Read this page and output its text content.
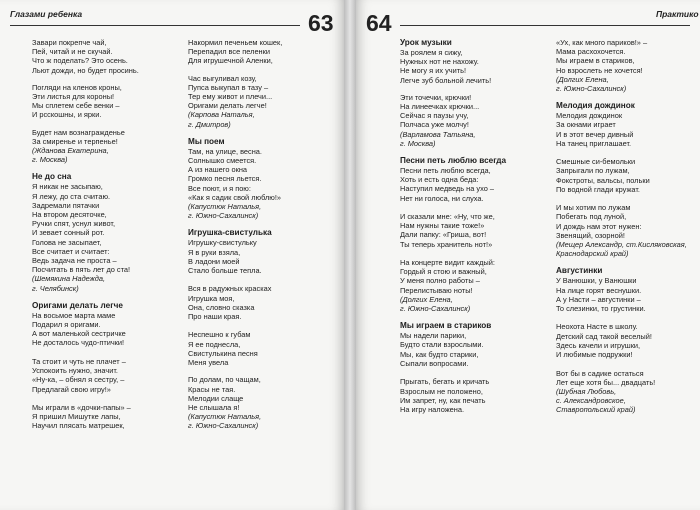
Глазами ребенка	63
Завари покрепче чай,
Пей, читай и не скучай.
Что ж поделать? Это осень.
Льют дожди, но будет просинь.
Погляди на кленов кроны,
Эти листья для короны!
Мы сплетем себе венки –
И рсскошны, и ярки.
Будет нам вознагражденье
За смиренье и терпенье!
(Жданова Екатерина,
г. Москва)
Не до сна
Я никак не засыпаю,
Я лежу, до ста считаю.
Задремали пятачки
На втором десяточке,
Ручки спят, уснул живот,
И зевает сонный рот.
Голова не засыпает,
Все считает и считает:
Ведь задача не проста –
Посчитать в пять лет до ста!
(Шемякина Надежда,
г. Челябинск)
Оригами делать легче
На восьмое марта маме
Подарил я оригами.
А вот маленькой сестричке
Не досталось чудо-птички!

Та стоит и чуть не плачет –
Успокоить нужно, значит.
«Ну-ка, – обнял я сестру, –
Предлагай свою игру!»

Мы играли в «дочки-папы» –
Я пришил Мишутке лапы,
Научил плясать матрешек,
Накормил печеньем кошек,
Перепадил все пеленки
Для игрушечной Аленки,
Час выгуливал козу,
Пупса выкупал в тазу –
Тер ему живот и плечи...
Оригами делать легче!
(Карпова Наталья,
г. Дмитров)
Мы поем
Там, на улице, весна.
Солнышко смеется.
А из нашего окна
Громко песня льется.
Все поют, и я пою:
«Как я садик свой люблю!»
(Капустюк Наталья,
г. Южно-Сахалинск)
Игрушка-свистулька
Игрушку-свистульку
Я в руки взяла,
В ладони моей
Стало больше тепла.

Вся в радужных красках
Игрушка моя,
Она, словно сказка
Про наши края.

Неспешно к губам
Я ее поднесла,
Свистулькина песня
Меня увела
По долам, по чащам,
Красы не тая.
Мелодии слаще
Не слышала я!
(Капустюк Наталья,
г. Южно-Сахалинск)
64	Практико
Урок музыки
За роялем я сижу,
Нужных нот не нахожу.
Не могу я их учить!
Легче зуб больной лечить!
Эти точечки, крючки!
На линеечках крючки...
Сейчас я паузы учу,
Полчаса уже молчу!
(Варламова Татьяна,
г. Москва)
Песни петь люблю всегда
Песни петь люблю всегда,
Хоть и есть одна беда:
Наступил медведь на ухо –
Нет ни голоса, ни слуха.

И сказали мне: «Ну, что же,
Нам нужны такие тоже!»
Дали папку: «Гриша, вот!
Ты теперь хранитель нот!»

На концерте видит каждый:
Гордый я стою и важный,
У меня полно работы –
Перелистываю ноты!
(Долгих Елена,
г. Южно-Сахалинск)
Мы играем в стариков
Мы надели парики,
Будто стали взрослыми.
Мы, как будто старики,
Сыпали вопросами.

Прыгать, бегать и кричать
Взрослым не положено,
Им запрет, ну, как печать
На игру наложена.
«Ух, как много париков!» –
Мама расхохочется.
Мы играем в стариков,
Но взрослеть не хочется!
(Долгих Елена,
г. Южно-Сахалинск)
Мелодия дождинок
Мелодия дождинок
За окнами играет
И в этот вечер дивный
На танец приглашает.

Смешные си-бемольки
Запрыгали по лужам,
Фокстроты, вальсы, польки
По водной глади кружат.

И мы хотим по лужам
Побегать под луной,
И дождь нам этот нужен:
Звенящий, озорной!
(Мещер Александр, ст.Кисляковская,
Краснодарский край)
Августинки
У Ванюшки, у Ванюшки
На лице горят веснушки.
А у Насти – августинки –
То слезинки, то грустинки.

Неохота Насте в школу.
Детский сад такой веселый!
Здесь качели и игрушки,
И любимые подружки!

Вот бы в садике остаться
Лет еще хотя бы... двадцать!
(Шубная Любовь,
с. Александровское,
Ставропольский край)
